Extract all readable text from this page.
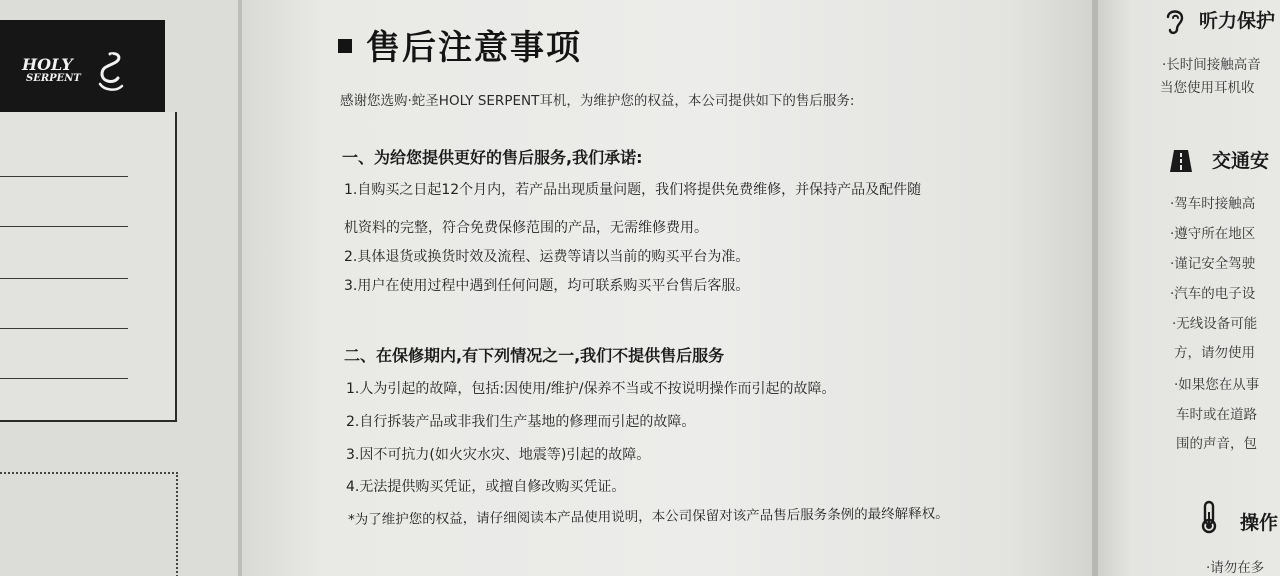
HOLY
SERPENT
售后注意事项
感谢您选购·蛇圣HOLY SERPENT耳机，为维护您的权益，本公司提供如下的售后服务:
一、为给您提供更好的售后服务,我们承诺:
1.自购买之日起12个月内，若产品出现质量问题，我们将提供免费维修，并保持产品及配件随
机资料的完整，符合免费保修范围的产品，无需维修费用。
2.具体退货或换货时效及流程、运费等请以当前的购买平台为准。
3.用户在使用过程中遇到任何问题，均可联系购买平台售后客服。
二、在保修期内,有下列情况之一,我们不提供售后服务
1.人为引起的故障，包括:因使用/维护/保养不当或不按说明操作而引起的故障。
2.自行拆装产品或非我们生产基地的修理而引起的故障。
3.因不可抗力(如火灾水灾、地震等)引起的故障。
4.无法提供购买凭证，或擅自修改购买凭证。
*为了维护您的权益，请仔细阅读本产品使用说明，本公司保留对该产品售后服务条例的最终解释权。
听力保护
·长时间接触高音
当您使用耳机收
交通安
·驾车时接触高
·遵守所在地区
·谨记安全驾驶
·汽车的电子设
·无线设备可能
方，请勿使用
·如果您在从事
车时或在道路
围的声音，包
操作
·请勿在多
